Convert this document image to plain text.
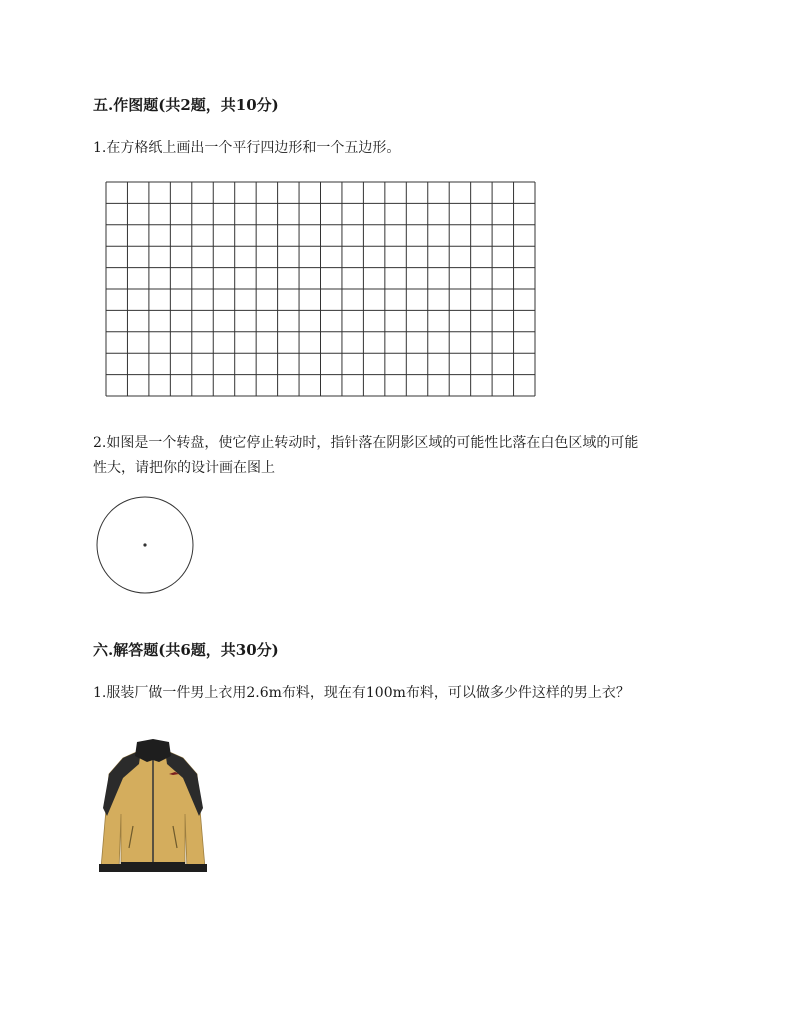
五.作图题(共2题，共10分)
1.在方格纸上画出一个平行四边形和一个五边形。
2.如图是一个转盘，使它停止转动时，指针落在阴影区域的可能性比落在白色区域的可能
性大，请把你的设计画在图上
六.解答题(共6题，共30分)
1.服装厂做一件男上衣用2.6m布料，现在有100m布料，可以做多少件这样的男上衣？
